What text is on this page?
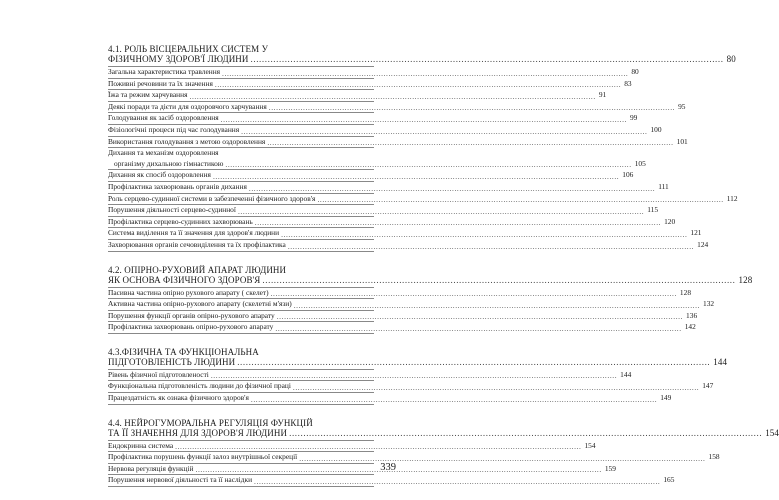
4.1. РОЛЬ ВІСЦЕРАЛЬНИХ СИСТЕМ У
ФІЗИЧНОМУ ЗДОРОВ'Ї ЛЮДИНИ .....	80
Загальна характеристика травлення .....	80
Поживні речовини та їх значення .....	83
Їжа та режим харчування .....	91
Деякі поради та дієти для оздоровчого харчування .....	95
Голодування як засіб оздоровлення .....	99
Фізіологічні процеси під час голодування .....	100
Використання голодування з метою оздоровлення .....	101
Дихання та механізм оздоровлення
організму дихальною гімнастикою .....	105
Дихання як спосіб оздоровлення .....	106
Профілактика захворювань органів дихання .....	111
Роль серцево-судинної системи в забезпеченні фізичного здоров'я .....	112
Порушення діяльності серцево-судинної .....	115
Профілактика серцево-судинних захворювань .....	120
Система виділення та її значення для здоров'я людини .....	121
Захворювання органів сечовиділення та їх профілактика .....	124
4.2. ОПІРНО-РУХОВИЙ АПАРАТ ЛЮДИНИ
ЯК ОСНОВА ФІЗИЧНОГО ЗДОРОВ'Я .....	128
Пасивна частина опірно рухового апарату ( скелет) .....	128
Активна частина опірно-рухового апарату (скелетні м'язи) .....	132
Порушення функції органів опірно-рухового апарату .....	136
Профілактика захворювань опірно-рухового апарату .....	142
4.3.ФІЗИЧНА ТА ФУНКЦІОНАЛЬНА
ПІДГОТОВЛЕНІСТЬ ЛЮДИНИ .....	144
Рівень фізичної підготовленості .....	144
Функціональна підготовленість людини до фізичної праці .....	147
Працездатність як ознака фізичного здоров'я .....	149
4.4. НЕЙРОГУМОРАЛЬНА РЕГУЛЯЦІЯ ФУНКЦІЙ
ТА ЇЇ ЗНАЧЕННЯ ДЛЯ ЗДОРОВ'Я ЛЮДИНИ .....	154
Ендокринна система .....	154
Профілактика порушень функції залоз внутрішньої секреції .....	158
Нервова регуляція функцій .....	159
Порушення нервової діяльності та її наслідки .....	165
339
